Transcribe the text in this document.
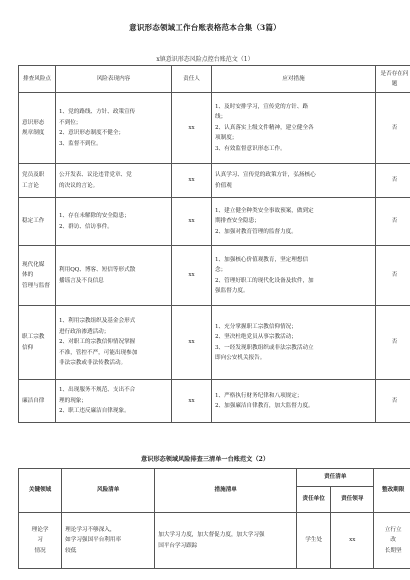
意识形态领域工作台账表格范本合集（3篇）
x镇意识形态风险点控台账范文（1）
排查风险点	风险表现内容	责任人	应对措施	是否存在问题
意识形态
规章制度	1、党的路线、方针、政策宣传
不到位；
2、意识形态制度不健全；
3、监督不到位。	xx	1、及时安排学习，宣传党的方针、路
线；
2、认真落实上级文件精神，建立健全各
项制度；
3、有效监督意识形态工作。	否
党员及职
工言论	公开发表、议论违背党章、党
的决议的言论。	xx	认真学习、宣传党的政策方针，弘扬核心
价值观	否
稳定工作	1、存在未解除的安全隐患；
2、群访、信访事件。	xx	1、建立健全种类安全事故预案，做到定
期排查安全隐患；
2、加强对教育管理的监督力度。	否
现代化媒
体的
管理与监督	利用QQ、博客、短信等形式散
播谣言及不良信息	xx	1、加强核心价值观教育，坚定理想信
念；
2、管理好职工的现代化设备及软件，加
强监督力度。	否
职工宗教
信仰	1、利用宗教组织及基金会形式
进行政治渗透活动；
2、对职工的宗教信仰情况掌握
不准，管控不严，可能出现参加
非法宗教或非法传教活动。	xx	1、充分掌握职工宗教信仰情况；
2、坚决杜绝党员从事宗教活动；
3、一经发现职教组织或非法宗教活动立
即向公安机关报告。	否
廉洁自律	1、出现服务不规范、支出不合
理的现象；
2、职工违反廉洁自律现象。	xx	1、严格执行财务纪律和八项规定；
2、加强廉洁自律教育，加大监督力度。	否
意识形态领域风险排查三清单一台账范文（2）
关键领域	风险清单	措施清单	责任清单		整改期限
			责任单位	责任领导	
理论学
习
情况	理论学习不够深入，
如学习强国平台利用率
较低	加大学习力度，加大督促力度，加大学习强
国平台学习跟踪	学生处	xx	立行立
改
长期坚
